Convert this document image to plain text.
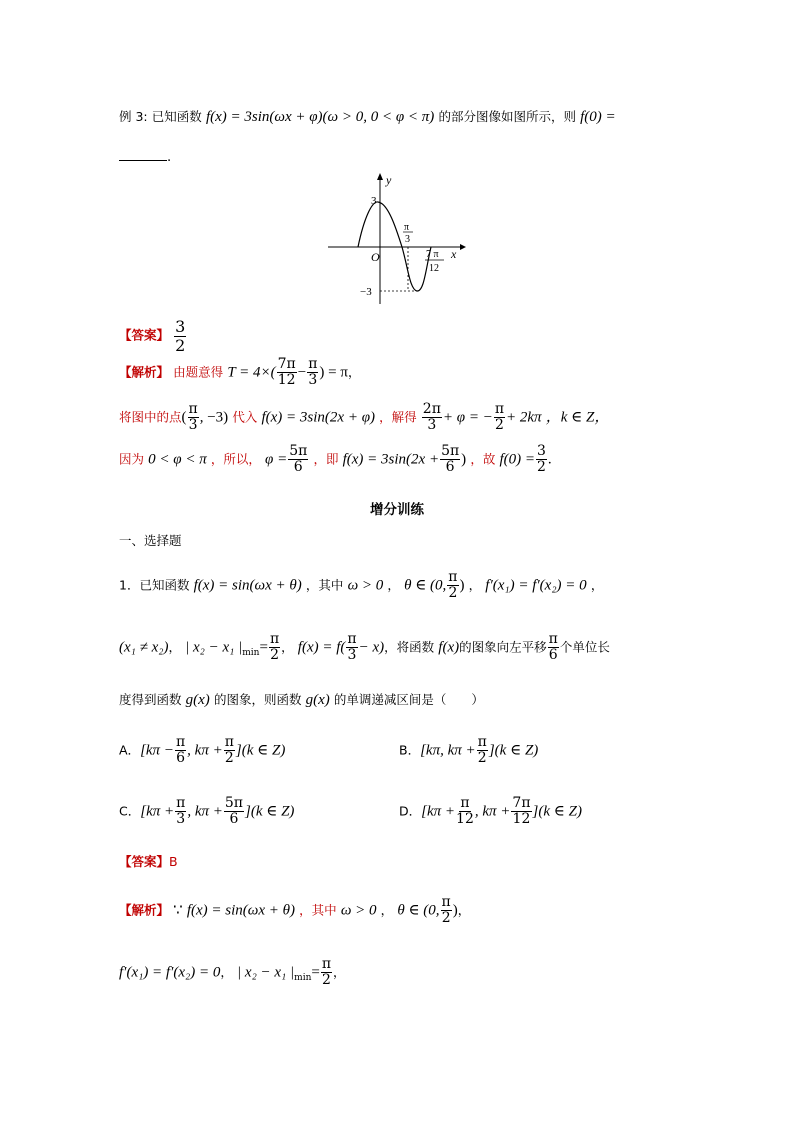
例 3: 已知函数 f(x) = 3sin(ωx + φ)(ω > 0, 0 < φ < π) 的部分图像如图所示，则 f(0) =
.
y
x
O
3
−3
π
3
7 π
12
【答案】 $\frac{3}{2}$
【解析】 由题意得 $T = 4\times( \frac{7\pi}{12} - \frac{\pi}{3}$ ) = π，
将图中的点( $\frac{\pi}{3}$ , −3) 代入 f(x) = 3sin(2x + φ) ，解得 $\frac{2\pi}{3} + \varphi$ = − $\frac{\pi}{2} + 2k\pi$ ，k ∈ Z，
因为 0 < φ < π ，所以， $\varphi = \frac{5\pi}{6}$ ，即 $f(x) = 3\sin(2x + \frac{5\pi}{6}$ ) ，故 $f(0) = \frac{3}{2}$ .
增分训练
一、选择题
1．已知函数 f(x) = sin(ωx + θ) ，其中 ω > 0 ， θ ∈ (0, $\frac{\pi}{2}$ ) ， f′(x₁) = f′(x₂) = 0 ，
(x₁ ≠ x₂)， | x₂ − x₁ $|_{min}= \frac{\pi}{2}$ ， $f(x) = f( \frac{\pi}{3} - x)$，将函数 f(x)的图象向左平移 $\frac{\pi}{6}$ 个单位长
度得到函数 g(x) 的图象，则函数 g(x) 的单调递减区间是（　　）
A．[$k\pi - \frac{\pi}{6}$ , $k\pi + \frac{\pi}{2} ](k$ ∈ Z)	B．[kπ, $k\pi + \frac{\pi}{2} ](k$ ∈ Z)
C．[$k\pi + \frac{\pi}{3}$ , $k\pi + \frac{5\pi}{6} ](k$ ∈ Z)	D．[$k\pi + \frac{\pi}{12}$ , $k\pi + \frac{7\pi}{12} ](k$ ∈ Z)
【答案】B
【解析】 ∵ f(x) = sin(ωx + θ) ，其中 ω > 0 ， θ ∈ (0, $\frac{\pi}{2}$ )，
f′(x₁) = f′(x₂) = 0， | x₂ − x₁ $|_{min}= \frac{\pi}{2}$ ，
